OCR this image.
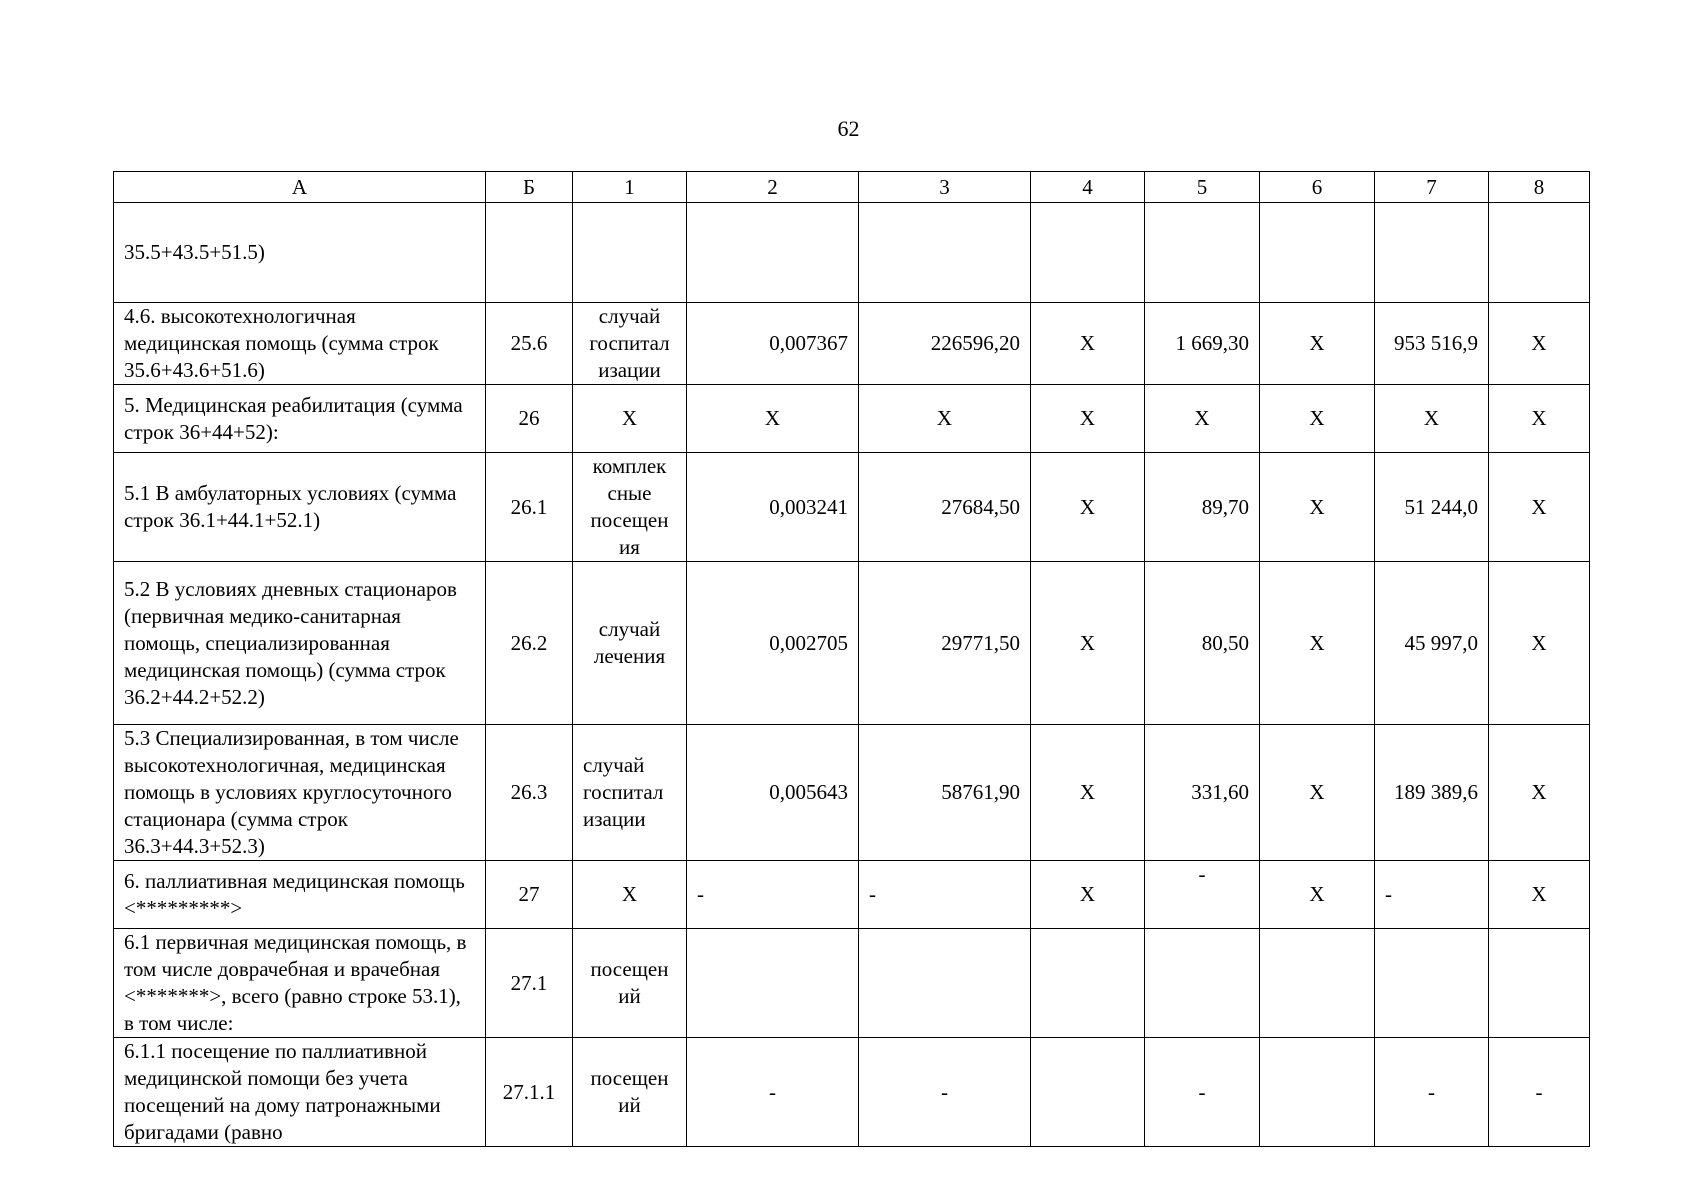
62
А	Б	1	2	3	4	5	6	7	8
35.5+43.5+51.5)									
4.6. высокотехнологичная медицинская помощь (сумма строк 35.6+43.6+51.6)	25.6	случай госпитал изации	0,007367	226596,20	Х	1 669,30	Х	953 516,9	Х
5. Медицинская реабилитация (сумма строк 36+44+52):	26	Х	Х	Х	Х	Х	Х	Х	Х
5.1 В амбулаторных условиях (сумма строк 36.1+44.1+52.1)	26.1	комплек сные посещен ия	0,003241	27684,50	Х	89,70	Х	51 244,0	Х
5.2 В условиях дневных стационаров (первичная медико-санитарная помощь, специализированная медицинская помощь) (сумма строк 36.2+44.2+52.2)	26.2	случай лечения	0,002705	29771,50	Х	80,50	Х	45 997,0	Х
5.3 Специализированная, в том числе высокотехнологичная, медицинская помощь в условиях круглосуточного стационара (сумма строк 36.3+44.3+52.3)	26.3	случай госпитал изации	0,005643	58761,90	Х	331,60	Х	189 389,6	Х
6. паллиативная медицинская помощь <*********>	27	Х	-	-	Х	-	Х	-	Х
6.1 первичная медицинская помощь, в том числе доврачебная и врачебная <*******>, всего (равно строке 53.1), в том числе:	27.1	посещен ий							
6.1.1 посещение по паллиативной медицинской помощи без учета посещений на дому патронажными бригадами (равно	27.1.1	посещен ий	-	-		-		-	-
